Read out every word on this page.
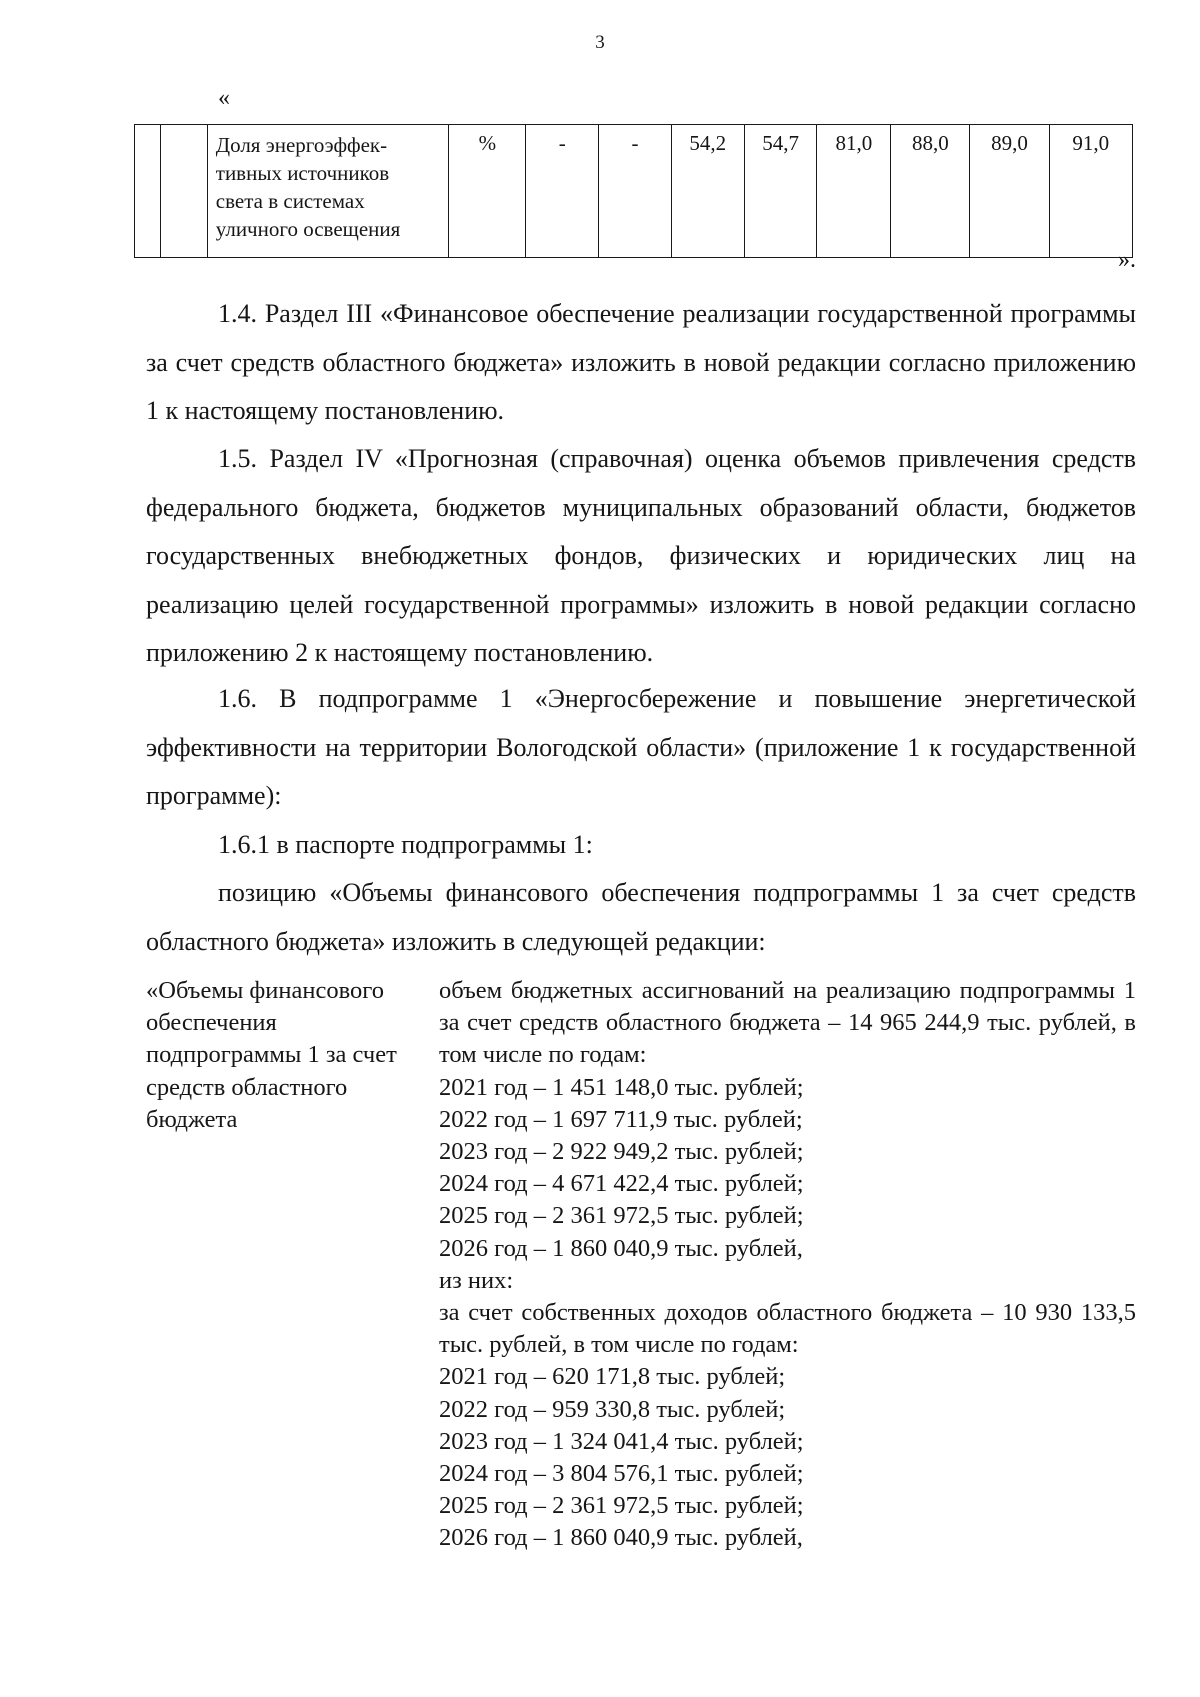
3
«
		Доля энергоэффек-тивных источников света в системах уличного освещения	%	-	-	54,2	54,7	81,0	88,0	89,0	91,0
».

1.4. Раздел III «Финансовое обеспечение реализации государственной программы за счет средств областного бюджета» изложить в новой редакции согласно приложению 1 к настоящему постановлению.

1.5. Раздел IV «Прогнозная (справочная) оценка объемов привлечения средств федерального бюджета, бюджетов муниципальных образований области, бюджетов государственных внебюджетных фондов, физических и юридических лиц на реализацию целей государственной программы» изложить в новой редакции согласно приложению 2 к настоящему постановлению.

1.6. В подпрограмме 1 «Энергосбережение и повышение энергетической эффективности на территории Вологодской области» (приложение 1 к государственной программе):

1.6.1 в паспорте подпрограммы 1:

позицию «Объемы финансового обеспечения подпрограммы 1 за счет средств областного бюджета» изложить в следующей редакции:

«Объемы финансового обеспечения подпрограммы 1 за счет средств областного бюджета
объем бюджетных ассигнований на реализацию подпрограммы 1 за счет средств областного бюджета – 14 965 244,9 тыс. рублей, в том числе по годам:
2021 год – 1 451 148,0 тыс. рублей;
2022 год – 1 697 711,9 тыс. рублей;
2023 год – 2 922 949,2 тыс. рублей;
2024 год – 4 671 422,4 тыс. рублей;
2025 год – 2 361 972,5 тыс. рублей;
2026 год – 1 860 040,9 тыс. рублей,
из них:
за счет собственных доходов областного бюджета – 10 930 133,5 тыс. рублей, в том числе по годам:
2021 год – 620 171,8 тыс. рублей;
2022 год – 959 330,8 тыс. рублей;
2023 год – 1 324 041,4 тыс. рублей;
2024 год – 3 804 576,1 тыс. рублей;
2025 год – 2 361 972,5 тыс. рублей;
2026 год – 1 860 040,9 тыс. рублей,
